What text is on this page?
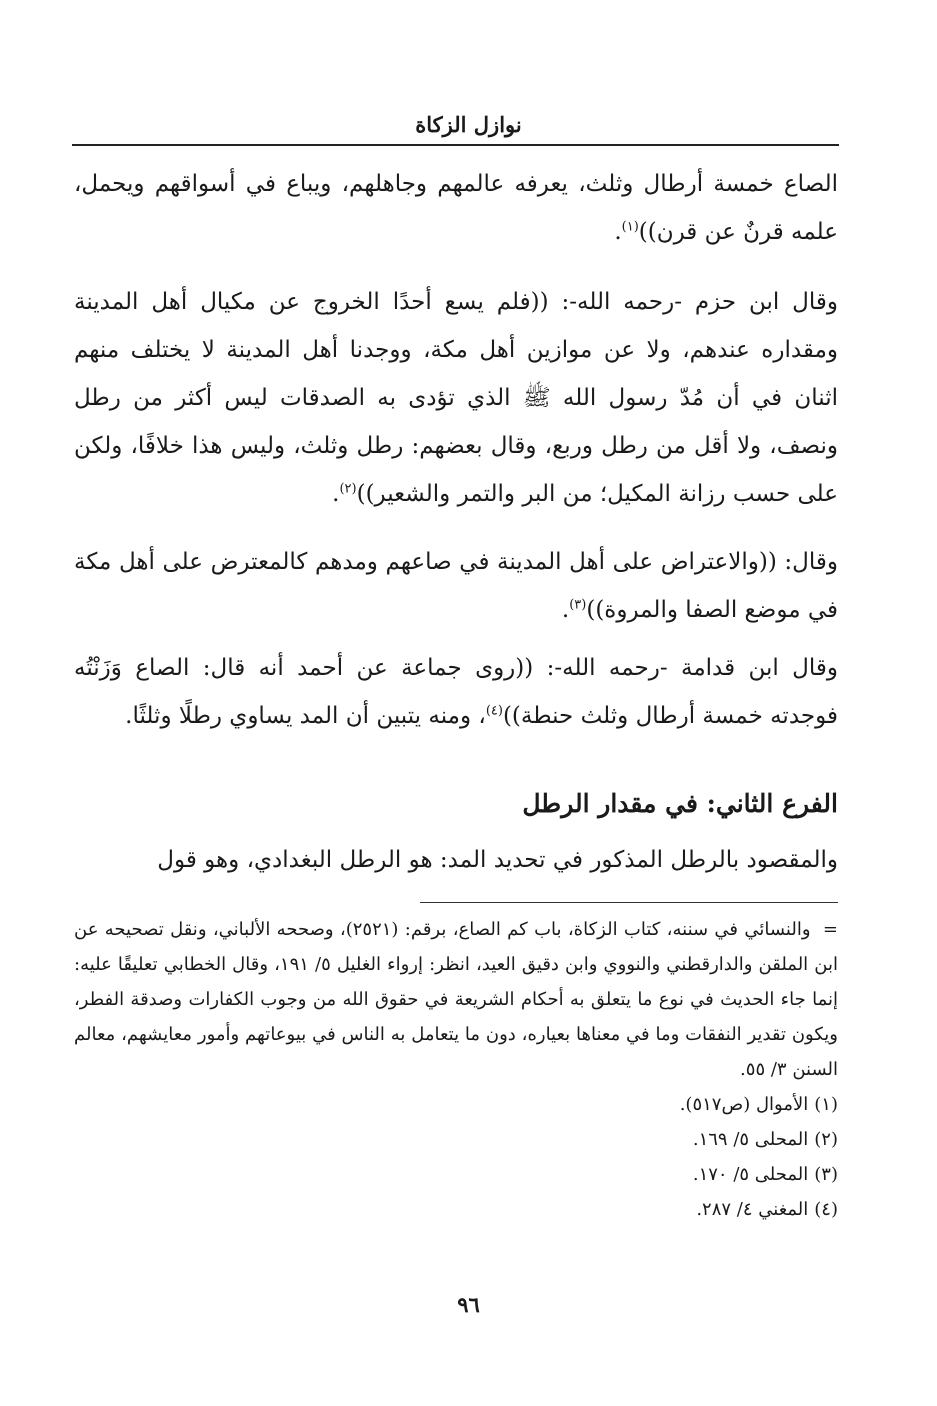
نوازل الزكاة

الصاع خمسة أرطال وثلث، يعرفه عالمهم وجاهلهم، ويباع في أسواقهم ويحمل، علمه قرنٌ عن قرن))$^{(١)}$.

وقال ابن حزم -رحمه الله-: ((فلم يسع أحدًا الخروج عن مكيال أهل المدينة ومقداره عندهم، ولا عن موازين أهل مكة، ووجدنا أهل المدينة لا يختلف منهم اثنان في أن مُدّ رسول الله ﷺ الذي تؤدى به الصدقات ليس أكثر من رطل ونصف، ولا أقل من رطل وربع، وقال بعضهم: رطل وثلث، وليس هذا خلافًا، ولكن على حسب رزانة المكيل؛ من البر والتمر والشعير))$^{(٢)}$.

وقال: ((والاعتراض على أهل المدينة في صاعهم ومدهم كالمعترض على أهل مكة في موضع الصفا والمروة))$^{(٣)}$.

وقال ابن قدامة -رحمه الله-: ((روى جماعة عن أحمد أنه قال: الصاع وَزَنْتُه فوجدته خمسة أرطال وثلث حنطة))$^{(٤)}$، ومنه يتبين أن المد يساوي رطلًا وثلثًا.

الفرع الثاني: في مقدار الرطل

والمقصود بالرطل المذكور في تحديد المد: هو الرطل البغدادي، وهو قول

= والنسائي في سننه، كتاب الزكاة، باب كم الصاع، برقم: (٢٥٢١)، وصححه الألباني، ونقل تصحيحه عن ابن الملقن والدارقطني والنووي وابن دقيق العيد، انظر: إرواء الغليل ٥/ ١٩١، وقال الخطابي تعليقًا عليه: إنما جاء الحديث في نوع ما يتعلق به أحكام الشريعة في حقوق الله من وجوب الكفارات وصدقة الفطر، ويكون تقدير النفقات وما في معناها بعياره، دون ما يتعامل به الناس في بيوعاتهم وأمور معايشهم، معالم السنن ٣/ ٥٥.

(١)الأموال (ص٥١٧).

(٢)المحلى ٥/ ١٦٩.

(٣)المحلى ٥/ ١٧٠.

(٤)المغني ٤/ ٢٨٧.

٩٦
